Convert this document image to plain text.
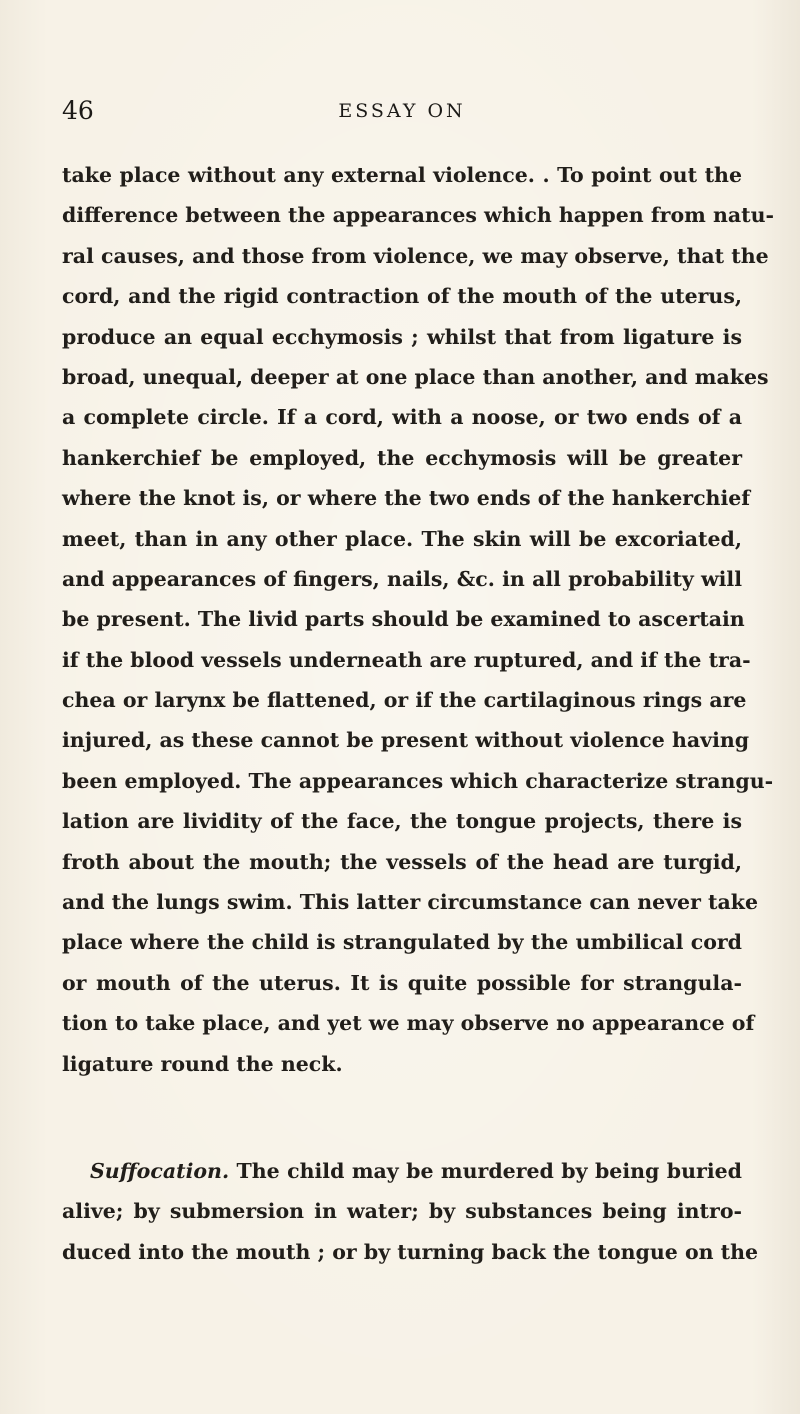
46	ESSAY ON
take place without any external violence. . To point out the
difference between the appearances which happen from natu-
ral causes, and those from violence, we may observe, that the
cord, and the rigid contraction of the mouth of the uterus,
produce an equal ecchymosis ; whilst that from ligature is
broad, unequal, deeper at one place than another, and makes
a complete circle. If a cord, with a noose, or two ends of a
hankerchief be employed, the ecchymosis will be greater
where the knot is, or where the two ends of the hankerchief
meet, than in any other place. The skin will be excoriated,
and appearances of fingers, nails, &c. in all probability will
be present. The livid parts should be examined to ascertain
if the blood vessels underneath are ruptured, and if the tra-
chea or larynx be flattened, or if the cartilaginous rings are
injured, as these cannot be present without violence having
been employed. The appearances which characterize strangu-
lation are lividity of the face, the tongue projects, there is
froth about the mouth; the vessels of the head are turgid,
and the lungs swim. This latter circumstance can never take
place where the child is strangulated by the umbilical cord
or mouth of the uterus. It is quite possible for strangula-
tion to take place, and yet we may observe no appearance of
ligature round the neck.
Suffocation. The child may be murdered by being buried
alive; by submersion in water; by substances being intro-
duced into the mouth ; or by turning back the tongue on the
